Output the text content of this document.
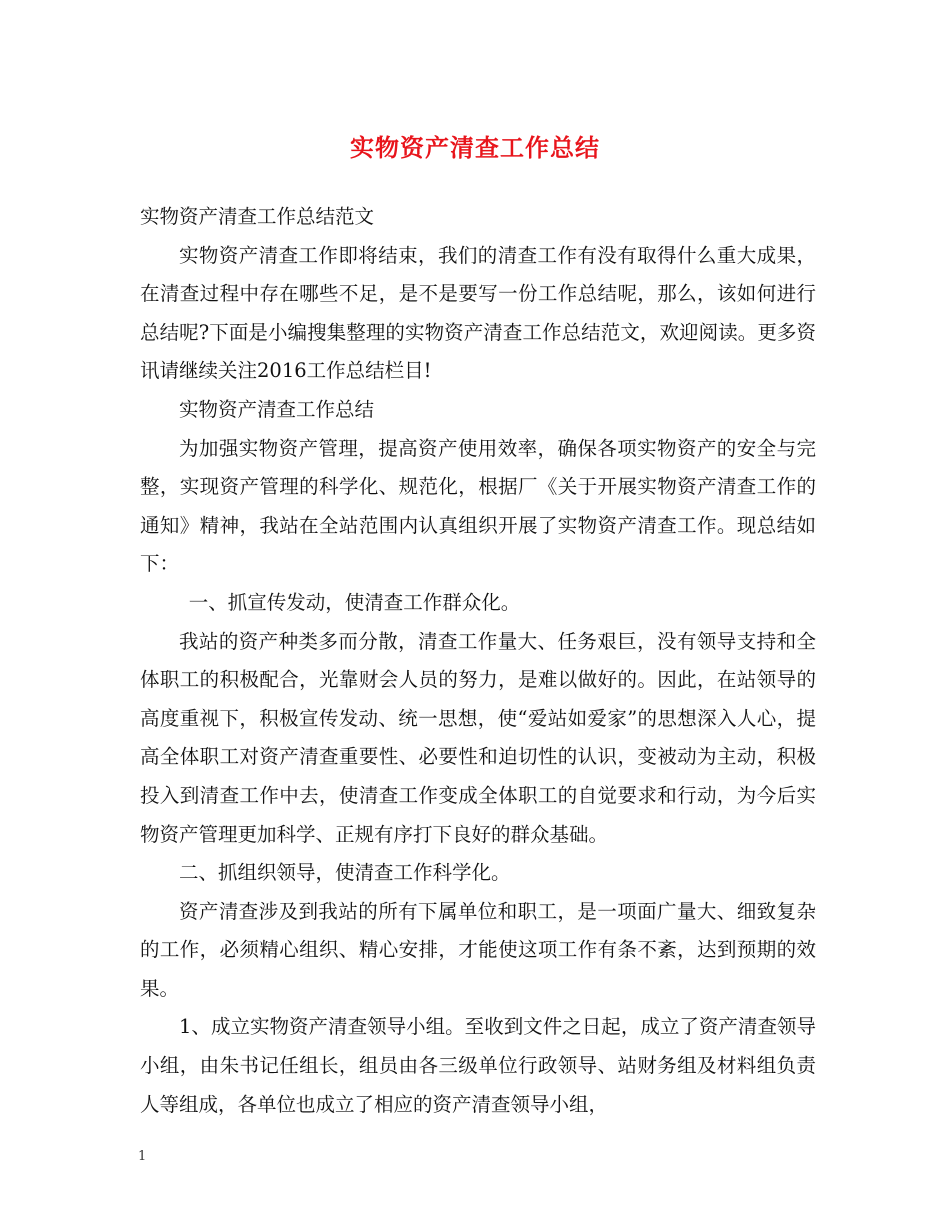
实物资产清查工作总结

实物资产清查工作总结范文

实物资产清查工作即将结束，我们的清查工作有没有取得什么重大成果，在清查过程中存在哪些不足，是不是要写一份工作总结呢，那么，该如何进行总结呢?下面是小编搜集整理的实物资产清查工作总结范文，欢迎阅读。更多资讯请继续关注2016工作总结栏目!

实物资产清查工作总结

为加强实物资产管理，提高资产使用效率，确保各项实物资产的安全与完整，实现资产管理的科学化、规范化，根据厂《关于开展实物资产清查工作的通知》精神，我站在全站范围内认真组织开展了实物资产清查工作。现总结如下：

一、抓宣传发动，使清查工作群众化。

我站的资产种类多而分散，清查工作量大、任务艰巨，没有领导支持和全体职工的积极配合，光靠财会人员的努力，是难以做好的。因此，在站领导的高度重视下，积极宣传发动、统一思想，使“爱站如爱家”的思想深入人心，提高全体职工对资产清查重要性、必要性和迫切性的认识，变被动为主动，积极投入到清查工作中去，使清查工作变成全体职工的自觉要求和行动，为今后实物资产管理更加科学、正规有序打下良好的群众基础。

二、抓组织领导，使清查工作科学化。

资产清查涉及到我站的所有下属单位和职工，是一项面广量大、细致复杂的工作，必须精心组织、精心安排，才能使这项工作有条不紊，达到预期的效果。

1、成立实物资产清查领导小组。至收到文件之日起，成立了资产清查领导小组，由朱书记任组长，组员由各三级单位行政领导、站财务组及材料组负责人等组成，各单位也成立了相应的资产清查领导小组，

1
